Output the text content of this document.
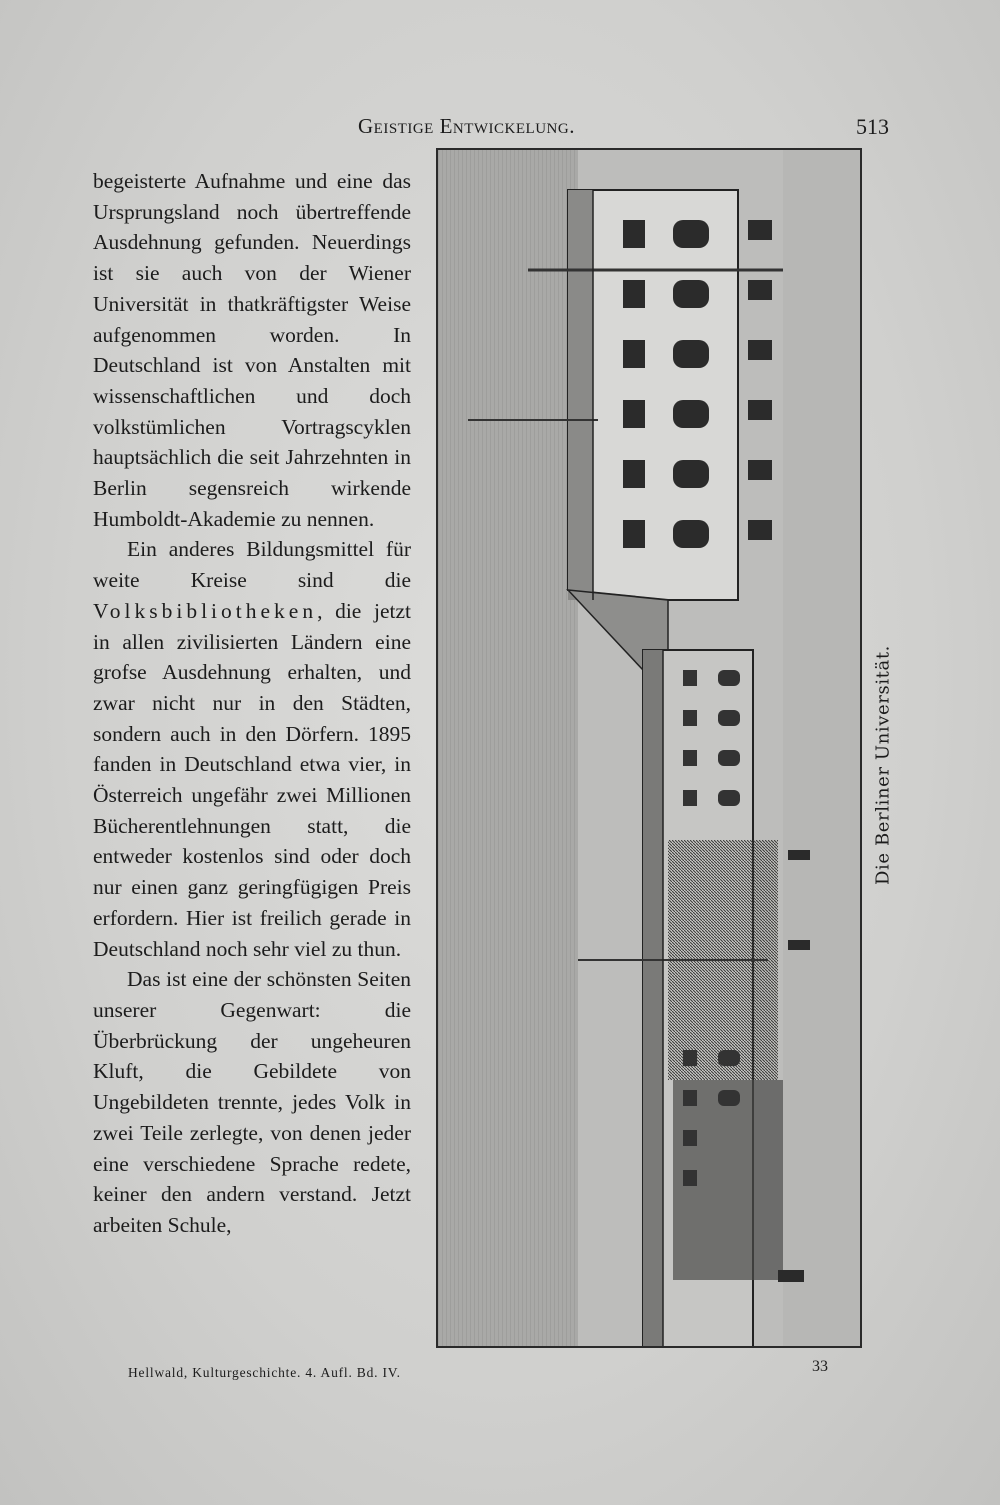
Geistige Entwickelung.	513

begeisterte Aufnahme und eine das Ursprungsland noch übertreffende Ausdehnung gefunden. Neuerdings ist sie auch von der Wiener Universität in thatkräftigster Weise aufgenommen worden. In Deutschland ist von Anstalten mit wissenschaftlichen und doch volkstümlichen Vortragscyklen hauptsächlich die seit Jahrzehnten in Berlin segensreich wirkende Humboldt-Akademie zu nennen.

Ein anderes Bildungsmittel für weite Kreise sind die Volksbibliotheken, die jetzt in allen zivilisierten Ländern eine grofse Ausdehnung erhalten, und zwar nicht nur in den Städten, sondern auch in den Dörfern. 1895 fanden in Deutschland etwa vier, in Österreich ungefähr zwei Millionen Bücherentlehnungen statt, die entweder kostenlos sind oder doch nur einen ganz geringfügigen Preis erfordern. Hier ist freilich gerade in Deutschland noch sehr viel zu thun.

Das ist eine der schönsten Seiten unserer Gegenwart: die Überbrückung der ungeheuren Kluft, die Gebildete von Ungebildeten trennte, jedes Volk in zwei Teile zerlegte, von denen jeder eine verschiedene Sprache redete, keiner den andern verstand. Jetzt arbeiten Schule,

Die Berliner Universität.
Hellwald, Kulturgeschichte. 4. Aufl. Bd. IV.	33
